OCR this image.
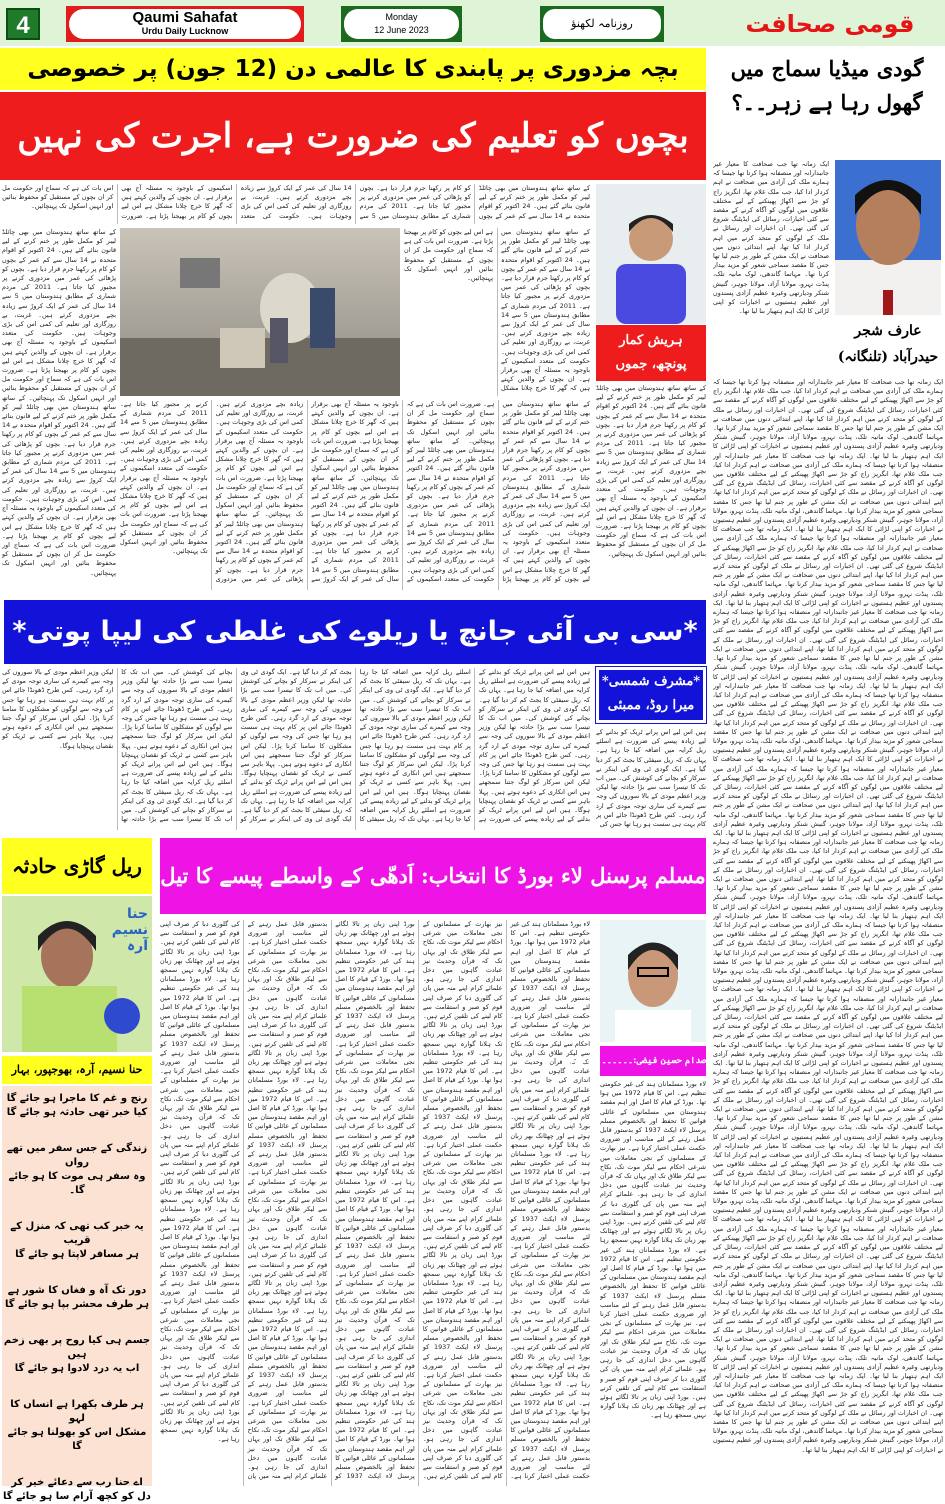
4	Qaumi Sahafat
Urdu Daily Lucknow
Monday
12 June 2023	روزنامہ لکھنؤ	قومی صحافت
بچہ مزدوری پر پابندی کا عالمی دن (12 جون) پر خصوصی
بچوں کو تعلیم کی ضرورت ہے، اجرت کی نہیں
کے ساتھ ساتھ ہندوستان میں بھی چائلڈ لیبر کو مکمل طور پر ختم کرنے کے لیے قانون بنائے گئے ہیں۔ 24 اکتوبر کو اقوام متحدہ نے 14 سال سے کم عمر کے بچوں کو کام پر رکھنا جرم قرار دیا ہے۔ بچوں کو پڑھائی کی عمر میں مزدوری کرنے پر مجبور کیا جاتا ہے۔ 2011 کی مردم شماری کے مطابق ہندوستان میں 5 سے 14 سال کی عمر کے ایک کروڑ سے زیادہ بچے مزدوری کرتے ہیں۔ غربت، بے روزگاری اور تعلیم کی کمی اس کی بڑی وجوہات ہیں۔ حکومت کی متعدد اسکیموں کے باوجود یہ مسئلہ آج بھی برقرار ہے۔ ان بچوں کے والدین کہتے ہیں کہ گھر کا خرچ چلانا مشکل ہے اس لیے بچوں کو کام پر بھیجنا پڑتا ہے۔ ضرورت اس بات کی ہے کہ سماج اور حکومت مل کر ان بچوں کے مستقبل کو محفوظ بنائیں اور انہیں اسکول تک پہنچائیں۔
کے ساتھ ساتھ ہندوستان میں بھی چائلڈ لیبر کو مکمل طور پر ختم کرنے کے لیے قانون بنائے گئے ہیں۔ 24 اکتوبر کو اقوام متحدہ نے 14 سال سے کم عمر کے بچوں کو کام پر رکھنا جرم قرار دیا ہے۔ بچوں کو پڑھائی کی عمر میں مزدوری کرنے پر مجبور کیا جاتا ہے۔ 2011 کی مردم شماری کے مطابق ہندوستان میں 5 سے 14 سال کی عمر کے ایک کروڑ سے زیادہ بچے مزدوری کرتے ہیں۔ غربت، بے روزگاری اور تعلیم کی کمی اس کی بڑی وجوہات ہیں۔ حکومت کی متعدد اسکیموں کے باوجود یہ مسئلہ آج بھی برقرار ہے۔ ان بچوں کے والدین کہتے ہیں کہ گھر کا خرچ چلانا مشکل ہے اس لیے بچوں کو کام پر بھیجنا پڑتا ہے۔ ضرورت اس بات کی ہے کہ سماج اور حکومت مل کر ان بچوں کے مستقبل کو محفوظ بنائیں اور انہیں اسکول تک پہنچائیں۔ کے ساتھ ساتھ ہندوستان میں بھی چائلڈ لیبر کو مکمل طور پر ختم کرنے کے لیے قانون بنائے گئے ہیں۔ 24 اکتوبر کو اقوام متحدہ نے 14 سال سے کم عمر کے بچوں کو کام پر رکھنا جرم قرار دیا ہے۔ بچوں کو پڑھائی کی عمر میں مزدوری کرنے پر مجبور کیا جاتا ہے۔ 2011 کی مردم شماری کے مطابق ہندوستان میں 5 سے 14 سال کی عمر کے ایک کروڑ سے زیادہ بچے مزدوری کرتے ہیں۔ غربت، بے روزگاری اور تعلیم کی کمی اس کی بڑی وجوہات ہیں۔ حکومت کی متعدد اسکیموں کے باوجود یہ مسئلہ آج بھی برقرار ہے۔ ان بچوں کے والدین کہتے ہیں کہ گھر کا خرچ چلانا مشکل ہے اس لیے بچوں کو کام پر بھیجنا پڑتا ہے۔ ضرورت اس بات کی ہے کہ سماج اور حکومت مل کر ان بچوں کے مستقبل کو محفوظ بنائیں اور انہیں اسکول تک پہنچائیں۔
کے ساتھ ساتھ ہندوستان میں بھی چائلڈ لیبر کو مکمل طور پر ختم کرنے کے لیے قانون بنائے گئے ہیں۔ 24 اکتوبر کو اقوام متحدہ نے 14 سال سے کم عمر کے بچوں کو کام پر رکھنا جرم قرار دیا ہے۔ بچوں کو پڑھائی کی عمر میں مزدوری کرنے پر مجبور کیا جاتا ہے۔ 2011 کی مردم شماری کے مطابق ہندوستان میں 5 سے 14 سال کی عمر کے ایک کروڑ سے زیادہ بچے مزدوری کرتے ہیں۔ غربت، بے روزگاری اور تعلیم کی کمی اس کی بڑی وجوہات ہیں۔ حکومت کی متعدد اسکیموں کے باوجود یہ مسئلہ آج بھی برقرار ہے۔ ان بچوں کے والدین کہتے ہیں کہ گھر کا خرچ چلانا مشکل ہے اس لیے بچوں کو کام پر بھیجنا پڑتا ہے۔ ضرورت اس بات کی ہے کہ سماج اور حکومت مل کر ان بچوں کے مستقبل کو محفوظ بنائیں اور انہیں اسکول تک پہنچائیں۔
کے ساتھ ساتھ ہندوستان میں بھی چائلڈ لیبر کو مکمل طور پر ختم کرنے کے لیے قانون بنائے گئے ہیں۔ 24 اکتوبر کو اقوام متحدہ نے 14 سال سے کم عمر کے بچوں کو کام پر رکھنا جرم قرار دیا ہے۔ بچوں کو پڑھائی کی عمر میں مزدوری کرنے پر مجبور کیا جاتا ہے۔ 2011 کی مردم شماری کے مطابق ہندوستان میں 5 سے 14 سال کی عمر کے ایک کروڑ سے زیادہ بچے مزدوری کرتے ہیں۔ غربت، بے روزگاری اور تعلیم کی کمی اس کی بڑی وجوہات ہیں۔ حکومت کی متعدد اسکیموں کے باوجود یہ مسئلہ آج بھی برقرار ہے۔ ان بچوں کے والدین کہتے ہیں کہ گھر کا خرچ چلانا مشکل ہے اس لیے بچوں کو کام پر بھیجنا پڑتا ہے۔ ضرورت اس بات کی ہے کہ سماج اور حکومت مل کر ان بچوں کے مستقبل کو محفوظ بنائیں اور انہیں اسکول تک پہنچائیں۔ کے ساتھ ساتھ ہندوستان میں بھی چائلڈ لیبر کو مکمل طور پر ختم کرنے کے لیے قانون بنائے گئے ہیں۔ 24 اکتوبر کو اقوام متحدہ نے 14 سال سے کم عمر کے بچوں کو کام پر رکھنا جرم قرار دیا ہے۔ بچوں کو پڑھائی کی عمر میں مزدوری کرنے پر مجبور کیا جاتا ہے۔ 2011 کی مردم شماری کے مطابق ہندوستان میں 5 سے 14 سال کی عمر کے ایک کروڑ سے زیادہ بچے مزدوری کرتے ہیں۔ غربت، بے روزگاری اور تعلیم کی کمی اس کی بڑی وجوہات ہیں۔ حکومت کی متعدد اسکیموں کے باوجود یہ مسئلہ آج بھی برقرار ہے۔ ان بچوں کے والدین کہتے ہیں کہ گھر کا خرچ چلانا مشکل ہے اس لیے بچوں کو کام پر بھیجنا پڑتا ہے۔ ضرورت اس بات کی ہے کہ سماج اور حکومت مل کر ان بچوں کے مستقبل کو محفوظ بنائیں اور انہیں اسکول تک پہنچائیں۔ کے ساتھ ساتھ ہندوستان میں بھی چائلڈ لیبر کو مکمل طور پر ختم کرنے کے لیے قانون بنائے گئے ہیں۔ 24 اکتوبر کو اقوام متحدہ نے 14 سال سے کم عمر کے بچوں کو کام پر رکھنا جرم قرار دیا ہے۔ بچوں کو پڑھائی کی عمر میں مزدوری کرنے پر مجبور کیا جاتا ہے۔ 2011 کی مردم شماری کے مطابق ہندوستان میں 5 سے 14 سال کی عمر کے ایک کروڑ سے زیادہ بچے مزدوری کرتے ہیں۔ غربت، بے روزگاری اور تعلیم کی کمی اس کی بڑی وجوہات ہیں۔ حکومت کی متعدد اسکیموں کے باوجود یہ مسئلہ آج بھی برقرار ہے۔ ان بچوں کے والدین کہتے ہیں کہ گھر کا خرچ چلانا مشکل ہے اس لیے بچوں کو کام پر بھیجنا پڑتا ہے۔ ضرورت اس بات کی ہے کہ سماج اور حکومت مل کر ان بچوں کے مستقبل کو محفوظ بنائیں اور انہیں اسکول تک پہنچائیں۔ کے ساتھ ساتھ ہندوستان میں بھی چائلڈ لیبر کو مکمل طور پر ختم کرنے کے لیے قانون بنائے گئے ہیں۔ 24 اکتوبر کو اقوام متحدہ نے 14 سال سے کم عمر کے بچوں کو کام پر رکھنا جرم قرار دیا ہے۔ بچوں کو پڑھائی کی عمر میں مزدوری کرنے پر مجبور کیا جاتا ہے۔ 2011 کی مردم شماری کے مطابق ہندوستان میں 5 سے 14 سال کی عمر کے ایک کروڑ سے زیادہ بچے مزدوری کرتے ہیں۔ غربت، بے روزگاری اور تعلیم کی کمی اس کی بڑی وجوہات ہیں۔ حکومت کی متعدد اسکیموں کے باوجود یہ مسئلہ آج بھی برقرار ہے۔ ان بچوں کے والدین کہتے ہیں کہ گھر کا خرچ چلانا مشکل ہے اس لیے بچوں کو کام پر بھیجنا پڑتا ہے۔ ضرورت اس بات کی ہے کہ سماج اور حکومت مل کر ان بچوں کے مستقبل کو محفوظ بنائیں اور انہیں اسکول تک پہنچائیں۔
ہریش کمار
پونچھ، جموں
کے ساتھ ساتھ ہندوستان میں بھی چائلڈ لیبر کو مکمل طور پر ختم کرنے کے لیے قانون بنائے گئے ہیں۔ 24 اکتوبر کو اقوام متحدہ نے 14 سال سے کم عمر کے بچوں کو کام پر رکھنا جرم قرار دیا ہے۔ بچوں کو پڑھائی کی عمر میں مزدوری کرنے پر مجبور کیا جاتا ہے۔ 2011 کی مردم شماری کے مطابق ہندوستان میں 5 سے 14 سال کی عمر کے ایک کروڑ سے زیادہ بچے مزدوری کرتے ہیں۔ غربت، بے روزگاری اور تعلیم کی کمی اس کی بڑی وجوہات ہیں۔ حکومت کی متعدد اسکیموں کے باوجود یہ مسئلہ آج بھی برقرار ہے۔ ان بچوں کے والدین کہتے ہیں کہ گھر کا خرچ چلانا مشکل ہے اس لیے بچوں کو کام پر بھیجنا پڑتا ہے۔ ضرورت اس بات کی ہے کہ سماج اور حکومت مل کر ان بچوں کے مستقبل کو محفوظ بنائیں اور انہیں اسکول تک پہنچائیں۔
گودی میڈیا سماج میں گھول رہا ہے زہر۔۔؟
ایک زمانہ تھا جب صحافت کا معیار غیر جانبدارانہ اور منصفانہ ہوا کرتا تھا جیسا کہ ہمارے ملک کی آزادی میں صحافت نے اہم کردار ادا کیا، جب ملک غلام تھا، انگریز راج کو جڑ سے اکھاڑ پھینکنے کے لیے مختلف علاقوں میں لوگوں کو آگاہ کرنے کے مقصد سے کئی اخبارات، رسائل کی ایڈیٹنگ شروع کی گئی تھی۔ ان اخبارات اور رسائل نے ملک کے لوگوں کو متحد کرنے میں اہم کردار ادا کیا تھا، اپنے ابتدائی دنوں میں صحافت نے ایک مشن کے طور پر جنم لیا تھا جس کا مقصد سماجی شعور کو مزید بیدار کرنا تھا۔ مہاتما گاندھی، لوک مانیہ تلک، پنڈت نہرو، مولانا آزاد، مولانا جوہر، گنیش شنکر ودیارتھی وغیرہ عظیم آزادی پسندوں اور عظیم ہستیوں نے اخبارات کو اپنی لڑائی کا ایک اہم ہتھیار بنا لیا تھا۔
عارف شجر
حیدرآباد (تلنگانہ)
ایک زمانہ تھا جب صحافت کا معیار غیر جانبدارانہ اور منصفانہ ہوا کرتا تھا جیسا کہ ہمارے ملک کی آزادی میں صحافت نے اہم کردار ادا کیا، جب ملک غلام تھا، انگریز راج کو جڑ سے اکھاڑ پھینکنے کے لیے مختلف علاقوں میں لوگوں کو آگاہ کرنے کے مقصد سے کئی اخبارات، رسائل کی ایڈیٹنگ شروع کی گئی تھی۔ ان اخبارات اور رسائل نے ملک کے لوگوں کو متحد کرنے میں اہم کردار ادا کیا تھا، اپنے ابتدائی دنوں میں صحافت نے ایک مشن کے طور پر جنم لیا تھا جس کا مقصد سماجی شعور کو مزید بیدار کرنا تھا۔ مہاتما گاندھی، لوک مانیہ تلک، پنڈت نہرو، مولانا آزاد، مولانا جوہر، گنیش شنکر ودیارتھی وغیرہ عظیم آزادی پسندوں اور عظیم ہستیوں نے اخبارات کو اپنی لڑائی کا ایک اہم ہتھیار بنا لیا تھا۔ ایک زمانہ تھا جب صحافت کا معیار غیر جانبدارانہ اور منصفانہ ہوا کرتا تھا جیسا کہ ہمارے ملک کی آزادی میں صحافت نے اہم کردار ادا کیا، جب ملک غلام تھا، انگریز راج کو جڑ سے اکھاڑ پھینکنے کے لیے مختلف علاقوں میں لوگوں کو آگاہ کرنے کے مقصد سے کئی اخبارات، رسائل کی ایڈیٹنگ شروع کی گئی تھی۔ ان اخبارات اور رسائل نے ملک کے لوگوں کو متحد کرنے میں اہم کردار ادا کیا تھا، اپنے ابتدائی دنوں میں صحافت نے ایک مشن کے طور پر جنم لیا تھا جس کا مقصد سماجی شعور کو مزید بیدار کرنا تھا۔ مہاتما گاندھی، لوک مانیہ تلک، پنڈت نہرو، مولانا آزاد، مولانا جوہر، گنیش شنکر ودیارتھی وغیرہ عظیم آزادی پسندوں اور عظیم ہستیوں نے اخبارات کو اپنی لڑائی کا ایک اہم ہتھیار بنا لیا تھا۔ ایک زمانہ تھا جب صحافت کا معیار غیر جانبدارانہ اور منصفانہ ہوا کرتا تھا جیسا کہ ہمارے ملک کی آزادی میں صحافت نے اہم کردار ادا کیا، جب ملک غلام تھا، انگریز راج کو جڑ سے اکھاڑ پھینکنے کے لیے مختلف علاقوں میں لوگوں کو آگاہ کرنے کے مقصد سے کئی اخبارات، رسائل کی ایڈیٹنگ شروع کی گئی تھی۔ ان اخبارات اور رسائل نے ملک کے لوگوں کو متحد کرنے میں اہم کردار ادا کیا تھا، اپنے ابتدائی دنوں میں صحافت نے ایک مشن کے طور پر جنم لیا تھا جس کا مقصد سماجی شعور کو مزید بیدار کرنا تھا۔ مہاتما گاندھی، لوک مانیہ تلک، پنڈت نہرو، مولانا آزاد، مولانا جوہر، گنیش شنکر ودیارتھی وغیرہ عظیم آزادی پسندوں اور عظیم ہستیوں نے اخبارات کو اپنی لڑائی کا ایک اہم ہتھیار بنا لیا تھا۔ ایک زمانہ تھا جب صحافت کا معیار غیر جانبدارانہ اور منصفانہ ہوا کرتا تھا جیسا کہ ہمارے ملک کی آزادی میں صحافت نے اہم کردار ادا کیا، جب ملک غلام تھا، انگریز راج کو جڑ سے اکھاڑ پھینکنے کے لیے مختلف علاقوں میں لوگوں کو آگاہ کرنے کے مقصد سے کئی اخبارات، رسائل کی ایڈیٹنگ شروع کی گئی تھی۔ ان اخبارات اور رسائل نے ملک کے لوگوں کو متحد کرنے میں اہم کردار ادا کیا تھا، اپنے ابتدائی دنوں میں صحافت نے ایک مشن کے طور پر جنم لیا تھا جس کا مقصد سماجی شعور کو مزید بیدار کرنا تھا۔ مہاتما گاندھی، لوک مانیہ تلک، پنڈت نہرو، مولانا آزاد، مولانا جوہر، گنیش شنکر ودیارتھی وغیرہ عظیم آزادی پسندوں اور عظیم ہستیوں نے اخبارات کو اپنی لڑائی کا ایک اہم ہتھیار بنا لیا تھا۔ ایک زمانہ تھا جب صحافت کا معیار غیر جانبدارانہ اور منصفانہ ہوا کرتا تھا جیسا کہ ہمارے ملک کی آزادی میں صحافت نے اہم کردار ادا کیا، جب ملک غلام تھا، انگریز راج کو جڑ سے اکھاڑ پھینکنے کے لیے مختلف علاقوں میں لوگوں کو آگاہ کرنے کے مقصد سے کئی اخبارات، رسائل کی ایڈیٹنگ شروع کی گئی تھی۔ ان اخبارات اور رسائل نے ملک کے لوگوں کو متحد کرنے میں اہم کردار ادا کیا تھا، اپنے ابتدائی دنوں میں صحافت نے ایک مشن کے طور پر جنم لیا تھا جس کا مقصد سماجی شعور کو مزید بیدار کرنا تھا۔ مہاتما گاندھی، لوک مانیہ تلک، پنڈت نہرو، مولانا آزاد، مولانا جوہر، گنیش شنکر ودیارتھی وغیرہ عظیم آزادی پسندوں اور عظیم ہستیوں نے اخبارات کو اپنی لڑائی کا ایک اہم ہتھیار بنا لیا تھا۔ ایک زمانہ تھا جب صحافت کا معیار غیر جانبدارانہ اور منصفانہ ہوا کرتا تھا جیسا کہ ہمارے ملک کی آزادی میں صحافت نے اہم کردار ادا کیا، جب ملک غلام تھا، انگریز راج کو جڑ سے اکھاڑ پھینکنے کے لیے مختلف علاقوں میں لوگوں کو آگاہ کرنے کے مقصد سے کئی اخبارات، رسائل کی ایڈیٹنگ شروع کی گئی تھی۔ ان اخبارات اور رسائل نے ملک کے لوگوں کو متحد کرنے میں اہم کردار ادا کیا تھا، اپنے ابتدائی دنوں میں صحافت نے ایک مشن کے طور پر جنم لیا تھا جس کا مقصد سماجی شعور کو مزید بیدار کرنا تھا۔ مہاتما گاندھی، لوک مانیہ تلک، پنڈت نہرو، مولانا آزاد، مولانا جوہر، گنیش شنکر ودیارتھی وغیرہ عظیم آزادی پسندوں اور عظیم ہستیوں نے اخبارات کو اپنی لڑائی کا ایک اہم ہتھیار بنا لیا تھا۔ ایک زمانہ تھا جب صحافت کا معیار غیر جانبدارانہ اور منصفانہ ہوا کرتا تھا جیسا کہ ہمارے ملک کی آزادی میں صحافت نے اہم کردار ادا کیا، جب ملک غلام تھا، انگریز راج کو جڑ سے اکھاڑ پھینکنے کے لیے مختلف علاقوں میں لوگوں کو آگاہ کرنے کے مقصد سے کئی اخبارات، رسائل کی ایڈیٹنگ شروع کی گئی تھی۔ ان اخبارات اور رسائل نے ملک کے لوگوں کو متحد کرنے میں اہم کردار ادا کیا تھا، اپنے ابتدائی دنوں میں صحافت نے ایک مشن کے طور پر جنم لیا تھا جس کا مقصد سماجی شعور کو مزید بیدار کرنا تھا۔ مہاتما گاندھی، لوک مانیہ تلک، پنڈت نہرو، مولانا آزاد، مولانا جوہر، گنیش شنکر ودیارتھی وغیرہ عظیم آزادی پسندوں اور عظیم ہستیوں نے اخبارات کو اپنی لڑائی کا ایک اہم ہتھیار بنا لیا تھا۔ ایک زمانہ تھا جب صحافت کا معیار غیر جانبدارانہ اور منصفانہ ہوا کرتا تھا جیسا کہ ہمارے ملک کی آزادی میں صحافت نے اہم کردار ادا کیا، جب ملک غلام تھا، انگریز راج کو جڑ سے اکھاڑ پھینکنے کے لیے مختلف علاقوں میں لوگوں کو آگاہ کرنے کے مقصد سے کئی اخبارات، رسائل کی ایڈیٹنگ شروع کی گئی تھی۔ ان اخبارات اور رسائل نے ملک کے لوگوں کو متحد کرنے میں اہم کردار ادا کیا تھا، اپنے ابتدائی دنوں میں صحافت نے ایک مشن کے طور پر جنم لیا تھا جس کا مقصد سماجی شعور کو مزید بیدار کرنا تھا۔ مہاتما گاندھی، لوک مانیہ تلک، پنڈت نہرو، مولانا آزاد، مولانا جوہر، گنیش شنکر ودیارتھی وغیرہ عظیم آزادی پسندوں اور عظیم ہستیوں نے اخبارات کو اپنی لڑائی کا ایک اہم ہتھیار بنا لیا تھا۔ ایک زمانہ تھا جب صحافت کا معیار غیر جانبدارانہ اور منصفانہ ہوا کرتا تھا جیسا کہ ہمارے ملک کی آزادی میں صحافت نے اہم کردار ادا کیا، جب ملک غلام تھا، انگریز راج کو جڑ سے اکھاڑ پھینکنے کے لیے مختلف علاقوں میں لوگوں کو آگاہ کرنے کے مقصد سے کئی اخبارات، رسائل کی ایڈیٹنگ شروع کی گئی تھی۔ ان اخبارات اور رسائل نے ملک کے لوگوں کو متحد کرنے میں اہم کردار ادا کیا تھا، اپنے ابتدائی دنوں میں صحافت نے ایک مشن کے طور پر جنم لیا تھا جس کا مقصد سماجی شعور کو مزید بیدار کرنا تھا۔ مہاتما گاندھی، لوک مانیہ تلک، پنڈت نہرو، مولانا آزاد، مولانا جوہر، گنیش شنکر ودیارتھی وغیرہ عظیم آزادی پسندوں اور عظیم ہستیوں نے اخبارات کو اپنی لڑائی کا ایک اہم ہتھیار بنا لیا تھا۔ ایک زمانہ تھا جب صحافت کا معیار غیر جانبدارانہ اور منصفانہ ہوا کرتا تھا جیسا کہ ہمارے ملک کی آزادی میں صحافت نے اہم کردار ادا کیا، جب ملک غلام تھا، انگریز راج کو جڑ سے اکھاڑ پھینکنے کے لیے مختلف علاقوں میں لوگوں کو آگاہ کرنے کے مقصد سے کئی اخبارات، رسائل کی ایڈیٹنگ شروع کی گئی تھی۔ ان اخبارات اور رسائل نے ملک کے لوگوں کو متحد کرنے میں اہم کردار ادا کیا تھا، اپنے ابتدائی دنوں میں صحافت نے ایک مشن کے طور پر جنم لیا تھا جس کا مقصد سماجی شعور کو مزید بیدار کرنا تھا۔ مہاتما گاندھی، لوک مانیہ تلک، پنڈت نہرو، مولانا آزاد، مولانا جوہر، گنیش شنکر ودیارتھی وغیرہ عظیم آزادی پسندوں اور عظیم ہستیوں نے اخبارات کو اپنی لڑائی کا ایک اہم ہتھیار بنا لیا تھا۔ ایک زمانہ تھا جب صحافت کا معیار غیر جانبدارانہ اور منصفانہ ہوا کرتا تھا جیسا کہ ہمارے ملک کی آزادی میں صحافت نے اہم کردار ادا کیا، جب ملک غلام تھا، انگریز راج کو جڑ سے اکھاڑ پھینکنے کے لیے مختلف علاقوں میں لوگوں کو آگاہ کرنے کے مقصد سے کئی اخبارات، رسائل کی ایڈیٹنگ شروع کی گئی تھی۔ ان اخبارات اور رسائل نے ملک کے لوگوں کو متحد کرنے میں اہم کردار ادا کیا تھا، اپنے ابتدائی دنوں میں صحافت نے ایک مشن کے طور پر جنم لیا تھا جس کا مقصد سماجی شعور کو مزید بیدار کرنا تھا۔ مہاتما گاندھی، لوک مانیہ تلک، پنڈت نہرو، مولانا آزاد، مولانا جوہر، گنیش شنکر ودیارتھی وغیرہ عظیم آزادی پسندوں اور عظیم ہستیوں نے اخبارات کو اپنی لڑائی کا ایک اہم ہتھیار بنا لیا تھا۔ ایک زمانہ تھا جب صحافت کا معیار غیر جانبدارانہ اور منصفانہ ہوا کرتا تھا جیسا کہ ہمارے ملک کی آزادی میں صحافت نے اہم کردار ادا کیا، جب ملک غلام تھا، انگریز راج کو جڑ سے اکھاڑ پھینکنے کے لیے مختلف علاقوں میں لوگوں کو آگاہ کرنے کے مقصد سے کئی اخبارات، رسائل کی ایڈیٹنگ شروع کی گئی تھی۔ ان اخبارات اور رسائل نے ملک کے لوگوں کو متحد کرنے میں اہم کردار ادا کیا تھا، اپنے ابتدائی دنوں میں صحافت نے ایک مشن کے طور پر جنم لیا تھا جس کا مقصد سماجی شعور کو مزید بیدار کرنا تھا۔ مہاتما گاندھی، لوک مانیہ تلک، پنڈت نہرو، مولانا آزاد، مولانا جوہر، گنیش شنکر ودیارتھی وغیرہ عظیم آزادی پسندوں اور عظیم ہستیوں نے اخبارات کو اپنی لڑائی کا ایک اہم ہتھیار بنا لیا تھا۔ ایک زمانہ تھا جب صحافت کا معیار غیر جانبدارانہ اور منصفانہ ہوا کرتا تھا جیسا کہ ہمارے ملک کی آزادی میں صحافت نے اہم کردار ادا کیا، جب ملک غلام تھا، انگریز راج کو جڑ سے اکھاڑ پھینکنے کے لیے مختلف علاقوں میں لوگوں کو آگاہ کرنے کے مقصد سے کئی اخبارات، رسائل کی ایڈیٹنگ شروع کی گئی تھی۔ ان اخبارات اور رسائل نے ملک کے لوگوں کو متحد کرنے میں اہم کردار ادا کیا تھا، اپنے ابتدائی دنوں میں صحافت نے ایک مشن کے طور پر جنم لیا تھا جس کا مقصد سماجی شعور کو مزید بیدار کرنا تھا۔ مہاتما گاندھی، لوک مانیہ تلک، پنڈت نہرو، مولانا آزاد، مولانا جوہر، گنیش شنکر ودیارتھی وغیرہ عظیم آزادی پسندوں اور عظیم ہستیوں نے اخبارات کو اپنی لڑائی کا ایک اہم ہتھیار بنا لیا تھا۔ ایک زمانہ تھا جب صحافت کا معیار غیر جانبدارانہ اور منصفانہ ہوا کرتا تھا جیسا کہ ہمارے ملک کی آزادی میں صحافت نے اہم کردار ادا کیا، جب ملک غلام تھا، انگریز راج کو جڑ سے اکھاڑ پھینکنے کے لیے مختلف علاقوں میں لوگوں کو آگاہ کرنے کے مقصد سے کئی اخبارات، رسائل کی ایڈیٹنگ شروع کی گئی تھی۔ ان اخبارات اور رسائل نے ملک کے لوگوں کو متحد کرنے میں اہم کردار ادا کیا تھا، اپنے ابتدائی دنوں میں صحافت نے ایک مشن کے طور پر جنم لیا تھا جس کا مقصد سماجی شعور کو مزید بیدار کرنا تھا۔ مہاتما گاندھی، لوک مانیہ تلک، پنڈت نہرو، مولانا آزاد، مولانا جوہر، گنیش شنکر ودیارتھی وغیرہ عظیم آزادی پسندوں اور عظیم ہستیوں نے اخبارات کو اپنی لڑائی کا ایک اہم ہتھیار بنا لیا تھا۔
*سی بی آئی جانچ یا ریلوے کی غلطی کی لیپا پوتی*
ہیں اس لیے اس پرانے ٹریک کو بدلنے کے لیے زیادہ پیسے کی ضرورت ہے اسلئے ریل کرایہ میں اضافہ کیا جا رہا ہے۔ یہاں تک کہ ریل سیفٹی کا بجٹ کم کر دیا گیا ہے۔ ایک گودی ٹی وی کی اینکر نے سرکار کو بچانے کی کوشش کی۔ میں اب تک کا تیسرا سب سے بڑا حادثہ تھا لیکن وزیر اعظم مودی کے بالا سوروں کی وجہ سے کیمرے کی ساری توجہ مودی کے ارد گرد رہی۔ کس طرح ڈھونڈا جائے اس پر کام بہت ہی سست ہو رہا تھا جس کی وجہ سے لوگوں کو مشکلوں کا سامنا کرنا پڑا۔ لیکن اس سرکار کو لوگ جتنا سمجھتے ہیں اس انکاری کے دعوے ہوتے ہیں۔ پہلا باہر سے کسی نے ٹریک کو نقصان پہنچایا ہوگا۔ ہیں اس لیے اس پرانے ٹریک کو بدلنے کے لیے زیادہ پیسے کی ضرورت ہے اسلئے ریل کرایہ میں اضافہ کیا جا رہا ہے۔ یہاں تک کہ ریل سیفٹی کا بجٹ کم کر دیا گیا ہے۔ ایک گودی ٹی وی کی اینکر نے سرکار کو بچانے کی کوشش کی۔ میں اب تک کا تیسرا سب سے بڑا حادثہ تھا لیکن وزیر اعظم مودی کے بالا سوروں کی وجہ سے کیمرے کی ساری توجہ مودی کے ارد گرد رہی۔ کس طرح ڈھونڈا جائے اس پر کام بہت ہی سست ہو رہا تھا جس کی وجہ سے لوگوں کو مشکلوں کا سامنا کرنا پڑا۔ لیکن اس سرکار کو لوگ جتنا سمجھتے ہیں اس انکاری کے دعوے ہوتے ہیں۔ پہلا باہر سے کسی نے ٹریک کو نقصان پہنچایا ہوگا۔ ہیں اس لیے اس پرانے ٹریک کو بدلنے کے لیے زیادہ پیسے کی ضرورت ہے اسلئے ریل کرایہ میں اضافہ کیا جا رہا ہے۔ یہاں تک کہ ریل سیفٹی کا بجٹ کم کر دیا گیا ہے۔ ایک گودی ٹی وی کی اینکر نے سرکار کو بچانے کی کوشش کی۔ میں اب تک کا تیسرا سب سے بڑا حادثہ تھا لیکن وزیر اعظم مودی کے بالا سوروں کی وجہ سے کیمرے کی ساری توجہ مودی کے ارد گرد رہی۔ کس طرح ڈھونڈا جائے اس پر کام بہت ہی سست ہو رہا تھا جس کی وجہ سے لوگوں کو مشکلوں کا سامنا کرنا پڑا۔ لیکن اس سرکار کو لوگ جتنا سمجھتے ہیں اس انکاری کے دعوے ہوتے ہیں۔ پہلا باہر سے کسی نے ٹریک کو نقصان پہنچایا ہوگا۔ ہیں اس لیے اس پرانے ٹریک کو بدلنے کے لیے زیادہ پیسے کی ضرورت ہے اسلئے ریل کرایہ میں اضافہ کیا جا رہا ہے۔ یہاں تک کہ ریل سیفٹی کا بجٹ کم کر دیا گیا ہے۔ ایک گودی ٹی وی کی اینکر نے سرکار کو بچانے کی کوشش کی۔ میں اب تک کا تیسرا سب سے بڑا حادثہ تھا لیکن وزیر اعظم مودی کے بالا سوروں کی وجہ سے کیمرے کی ساری توجہ مودی کے ارد گرد رہی۔ کس طرح ڈھونڈا جائے اس پر کام بہت ہی سست ہو رہا تھا جس کی وجہ سے لوگوں کو مشکلوں کا سامنا کرنا پڑا۔ لیکن اس سرکار کو لوگ جتنا سمجھتے ہیں اس انکاری کے دعوے ہوتے ہیں۔ پہلا باہر سے کسی نے ٹریک کو نقصان پہنچایا ہوگا۔ ہیں اس لیے اس پرانے ٹریک کو بدلنے کے لیے زیادہ پیسے کی ضرورت ہے اسلئے ریل کرایہ میں اضافہ کیا جا رہا ہے۔ یہاں تک کہ ریل سیفٹی کا بجٹ کم کر دیا گیا ہے۔ ایک گودی ٹی وی کی اینکر نے سرکار کو بچانے کی کوشش کی۔ میں اب تک کا تیسرا سب سے بڑا حادثہ تھا لیکن وزیر اعظم مودی کے بالا سوروں کی وجہ سے کیمرے کی ساری توجہ مودی کے ارد گرد رہی۔ کس طرح ڈھونڈا جائے اس پر کام بہت ہی سست ہو رہا تھا جس کی وجہ سے لوگوں کو مشکلوں کا سامنا کرنا پڑا۔ لیکن اس سرکار کو لوگ جتنا سمجھتے ہیں اس انکاری کے دعوے ہوتے ہیں۔ پہلا باہر سے کسی نے ٹریک کو نقصان پہنچایا ہوگا۔
*مشرف شمسی*
میرا روڈ، ممبئی
ہیں اس لیے اس پرانے ٹریک کو بدلنے کے لیے زیادہ پیسے کی ضرورت ہے اسلئے ریل کرایہ میں اضافہ کیا جا رہا ہے۔ یہاں تک کہ ریل سیفٹی کا بجٹ کم کر دیا گیا ہے۔ ایک گودی ٹی وی کی اینکر نے سرکار کو بچانے کی کوشش کی۔ میں اب تک کا تیسرا سب سے بڑا حادثہ تھا لیکن وزیر اعظم مودی کے بالا سوروں کی وجہ سے کیمرے کی ساری توجہ مودی کے ارد گرد رہی۔ کس طرح ڈھونڈا جائے اس پر کام بہت ہی سست ہو رہا تھا جس کی
ریل گاڑی حادثہ
حنا نسیم آرہ
حنا نسیم، آرہ، بھوجپور، بہار
رنج و غم کا ماجرا ہو جائے گا
کیا خبر تھی حادثہ ہو جائے گا
زندگی کے جس سفر میں تھے رواں
وہ سفر ہی موت کا ہو جائے گا۔
یہ خبر کب تھی کہ منزل کے قریب
ہر مسافر لاپتا ہو جائے گا
دور تک آہ و فغاں کا شور ہے
ہر طرف محشر بپا ہو جائے گا
جسم ہی کیا روح پر بھی زخم ہیں
اب یہ درد لادوا ہو جائے گا
ہر طرف بکھرا ہے انساں کا لہو
مشکل اس کو بھولنا ہو جائے گا
اے حنا رب سے دعائے خیر کر
دل کو کچھ آرام سا ہو جائے گا
مسلم پرسنل لاء بورڈ کا انتخاب: اَدھّی کے واسطے پیسے کا تیل
لاء بورڈ مسلمانان ہند کی غیر حکومتی تنظیم ہے۔ اس کا قیام 1972 میں ہوا تھا۔ بورڈ کے قیام کا اصل اور اہم مقصد ہندوستان میں مسلمانوں کے عائلی قوانین کا تحفظ اور بالخصوص مسلم پرسنل لاء ایکٹ 1937 کو بدستور قابل عمل رہنے کے لئے مناسب اور ضروری حکمت عملی اختیار کرنا ہے۔ نیز بھارت کے مسلمانوں کے نجی معاملات میں شرعی احکام سے لیکر موت تک، نکاح سے لیکر طلاق تک اور یہاں تک کہ قرآن وحدیث نیز عبادت گاہوں میں دخل اندازی کی جا رہی ہو۔ علمائے کرام اپنے منہ میں پان کی گلوری دبا کر صرف اپنی قوم کو صبر و استقامت سے کام لینے کی تلقین کرتے ہیں۔ بورڈ اپنی زبان پر تالا لگائے ہوئے ہے اور چھٹانک بھر زبان تک ہلانا گوارہ نہیں سمجھ رہا ہے۔ لاء بورڈ مسلمانان ہند کی غیر حکومتی تنظیم ہے۔ اس کا قیام 1972 میں ہوا تھا۔ بورڈ کے قیام کا اصل اور اہم مقصد ہندوستان میں مسلمانوں کے عائلی قوانین کا تحفظ اور بالخصوص مسلم پرسنل لاء ایکٹ 1937 کو بدستور قابل عمل رہنے کے لئے مناسب اور ضروری حکمت عملی اختیار کرنا ہے۔ نیز بھارت کے مسلمانوں کے نجی معاملات میں شرعی احکام سے لیکر موت تک، نکاح سے لیکر طلاق تک اور یہاں تک کہ قرآن وحدیث نیز عبادت گاہوں میں دخل اندازی کی جا رہی ہو۔ علمائے کرام اپنے منہ میں پان کی گلوری دبا کر صرف اپنی قوم کو صبر و استقامت سے کام لینے کی تلقین کرتے ہیں۔ بورڈ اپنی زبان پر تالا لگائے ہوئے ہے اور چھٹانک بھر زبان تک ہلانا گوارہ نہیں سمجھ رہا ہے۔ لاء بورڈ مسلمانان ہند کی غیر حکومتی تنظیم ہے۔ اس کا قیام 1972 میں ہوا تھا۔ بورڈ کے قیام کا اصل اور اہم مقصد ہندوستان میں مسلمانوں کے عائلی قوانین کا تحفظ اور بالخصوص مسلم پرسنل لاء ایکٹ 1937 کو بدستور قابل عمل رہنے کے لئے مناسب اور ضروری حکمت عملی اختیار کرنا ہے۔ نیز بھارت کے مسلمانوں کے نجی معاملات میں شرعی احکام سے لیکر موت تک، نکاح سے لیکر طلاق تک اور یہاں تک کہ قرآن وحدیث نیز عبادت گاہوں میں دخل اندازی کی جا رہی ہو۔ علمائے کرام اپنے منہ میں پان کی گلوری دبا کر صرف اپنی قوم کو صبر و استقامت سے کام لینے کی تلقین کرتے ہیں۔ بورڈ اپنی زبان پر تالا لگائے ہوئے ہے اور چھٹانک بھر زبان تک ہلانا گوارہ نہیں سمجھ رہا ہے۔ لاء بورڈ مسلمانان ہند کی غیر حکومتی تنظیم ہے۔ اس کا قیام 1972 میں ہوا تھا۔ بورڈ کے قیام کا اصل اور اہم مقصد ہندوستان میں مسلمانوں کے عائلی قوانین کا تحفظ اور بالخصوص مسلم پرسنل لاء ایکٹ 1937 کو بدستور قابل عمل رہنے کے لئے مناسب اور ضروری حکمت عملی اختیار کرنا ہے۔ نیز بھارت کے مسلمانوں کے نجی معاملات میں شرعی احکام سے لیکر موت تک، نکاح سے لیکر طلاق تک اور یہاں تک کہ قرآن وحدیث نیز عبادت گاہوں میں دخل اندازی کی جا رہی ہو۔ علمائے کرام اپنے منہ میں پان کی گلوری دبا کر صرف اپنی قوم کو صبر و استقامت سے کام لینے کی تلقین کرتے ہیں۔ بورڈ اپنی زبان پر تالا لگائے ہوئے ہے اور چھٹانک بھر زبان تک ہلانا گوارہ نہیں سمجھ رہا ہے۔ لاء بورڈ مسلمانان ہند کی غیر حکومتی تنظیم ہے۔ اس کا قیام 1972 میں ہوا تھا۔ بورڈ کے قیام کا اصل اور اہم مقصد ہندوستان میں مسلمانوں کے عائلی قوانین کا تحفظ اور بالخصوص مسلم پرسنل لاء ایکٹ 1937 کو بدستور قابل عمل رہنے کے لئے مناسب اور ضروری حکمت عملی اختیار کرنا ہے۔ نیز بھارت کے مسلمانوں کے نجی معاملات میں شرعی احکام سے لیکر موت تک، نکاح سے لیکر طلاق تک اور یہاں تک کہ قرآن وحدیث نیز عبادت گاہوں میں دخل اندازی کی جا رہی ہو۔ علمائے کرام اپنے منہ میں پان کی گلوری دبا کر صرف اپنی قوم کو صبر و استقامت سے کام لینے کی تلقین کرتے ہیں۔ بورڈ اپنی زبان پر تالا لگائے ہوئے ہے اور چھٹانک بھر زبان تک ہلانا گوارہ نہیں سمجھ رہا ہے۔ لاء بورڈ مسلمانان ہند کی غیر حکومتی تنظیم ہے۔ اس کا قیام 1972 میں ہوا تھا۔ بورڈ کے قیام کا اصل اور اہم مقصد ہندوستان میں مسلمانوں کے عائلی قوانین کا تحفظ اور بالخصوص مسلم پرسنل لاء ایکٹ 1937 کو بدستور قابل عمل رہنے کے لئے مناسب اور ضروری حکمت عملی اختیار کرنا ہے۔ نیز بھارت کے مسلمانوں کے نجی معاملات میں شرعی احکام سے لیکر موت تک، نکاح سے لیکر طلاق تک اور یہاں تک کہ قرآن وحدیث نیز عبادت گاہوں میں دخل اندازی کی جا رہی ہو۔ علمائے کرام اپنے منہ میں پان کی گلوری دبا کر صرف اپنی قوم کو صبر و استقامت سے کام لینے کی تلقین کرتے ہیں۔ بورڈ اپنی زبان پر تالا لگائے ہوئے ہے اور چھٹانک بھر زبان تک ہلانا گوارہ نہیں سمجھ رہا ہے۔ لاء بورڈ مسلمانان ہند کی غیر حکومتی تنظیم ہے۔ اس کا قیام 1972 میں ہوا تھا۔ بورڈ کے قیام کا اصل اور اہم مقصد ہندوستان میں مسلمانوں کے عائلی قوانین کا تحفظ اور بالخصوص مسلم پرسنل لاء ایکٹ 1937 کو بدستور قابل عمل رہنے کے لئے مناسب اور ضروری حکمت عملی اختیار کرنا ہے۔ نیز بھارت کے مسلمانوں کے نجی معاملات میں شرعی احکام سے لیکر موت تک، نکاح سے لیکر طلاق تک اور یہاں تک کہ قرآن وحدیث نیز عبادت گاہوں میں دخل اندازی کی جا رہی ہو۔ علمائے کرام اپنے منہ میں پان کی گلوری دبا کر صرف اپنی قوم کو صبر و استقامت سے کام لینے کی تلقین کرتے ہیں۔ بورڈ اپنی زبان پر تالا لگائے ہوئے ہے اور چھٹانک بھر زبان تک ہلانا گوارہ نہیں سمجھ رہا ہے۔ لاء بورڈ مسلمانان ہند کی غیر حکومتی تنظیم ہے۔ اس کا قیام 1972 میں ہوا تھا۔ بورڈ کے قیام کا اصل اور اہم مقصد ہندوستان میں مسلمانوں کے عائلی قوانین کا تحفظ اور بالخصوص مسلم پرسنل لاء ایکٹ 1937 کو بدستور قابل عمل رہنے کے لئے مناسب اور ضروری حکمت عملی اختیار کرنا ہے۔ نیز بھارت کے مسلمانوں کے نجی معاملات میں شرعی احکام سے لیکر موت تک، نکاح سے لیکر طلاق تک اور یہاں تک کہ قرآن وحدیث نیز عبادت گاہوں میں دخل اندازی کی جا رہی ہو۔ علمائے کرام اپنے منہ میں پان کی گلوری دبا کر صرف اپنی قوم کو صبر و استقامت سے کام لینے کی تلقین کرتے ہیں۔ بورڈ اپنی زبان پر تالا لگائے ہوئے ہے اور چھٹانک بھر زبان تک ہلانا گوارہ نہیں سمجھ رہا ہے۔ لاء بورڈ مسلمانان ہند کی غیر حکومتی تنظیم ہے۔ اس کا قیام 1972 میں ہوا تھا۔ بورڈ کے قیام کا اصل اور اہم مقصد ہندوستان میں مسلمانوں کے عائلی قوانین کا تحفظ اور بالخصوص مسلم پرسنل لاء ایکٹ 1937 کو بدستور قابل عمل رہنے کے لئے مناسب اور ضروری حکمت عملی اختیار کرنا ہے۔ نیز بھارت کے مسلمانوں کے نجی معاملات میں شرعی احکام سے لیکر موت تک، نکاح سے لیکر طلاق تک اور یہاں تک کہ قرآن وحدیث نیز عبادت گاہوں میں دخل اندازی کی جا رہی ہو۔ علمائے کرام اپنے منہ میں پان کی گلوری دبا کر صرف اپنی قوم کو صبر و استقامت سے کام لینے کی تلقین کرتے ہیں۔ بورڈ اپنی زبان پر تالا لگائے ہوئے ہے اور چھٹانک بھر زبان تک ہلانا گوارہ نہیں سمجھ رہا ہے۔ لاء بورڈ مسلمانان ہند کی غیر حکومتی تنظیم ہے۔ اس کا قیام 1972 میں ہوا تھا۔ بورڈ کے قیام کا اصل اور اہم مقصد ہندوستان میں مسلمانوں کے عائلی قوانین کا تحفظ اور بالخصوص مسلم پرسنل لاء ایکٹ 1937 کو بدستور قابل عمل رہنے کے لئے مناسب اور ضروری حکمت عملی اختیار کرنا ہے۔ نیز بھارت کے مسلمانوں کے نجی معاملات میں شرعی احکام سے لیکر موت تک، نکاح سے لیکر طلاق تک اور یہاں تک کہ قرآن وحدیث نیز عبادت گاہوں میں دخل اندازی کی جا رہی ہو۔ علمائے کرام اپنے منہ میں پان کی گلوری دبا کر صرف اپنی قوم کو صبر و استقامت سے کام لینے کی تلقین کرتے ہیں۔ بورڈ اپنی زبان پر تالا لگائے ہوئے ہے اور چھٹانک بھر زبان تک ہلانا گوارہ نہیں سمجھ رہا ہے۔ لاء بورڈ مسلمانان ہند کی غیر حکومتی تنظیم ہے۔ اس کا قیام 1972 میں ہوا تھا۔ بورڈ کے قیام کا اصل اور اہم مقصد ہندوستان میں مسلمانوں کے عائلی قوانین کا تحفظ اور بالخصوص مسلم پرسنل لاء ایکٹ 1937 کو بدستور قابل عمل رہنے کے لئے مناسب اور ضروری حکمت عملی اختیار کرنا ہے۔ نیز بھارت کے مسلمانوں کے نجی معاملات میں شرعی احکام سے لیکر موت تک، نکاح سے لیکر طلاق تک اور یہاں تک کہ قرآن وحدیث نیز عبادت گاہوں میں دخل اندازی کی جا رہی ہو۔ علمائے کرام اپنے منہ میں پان کی گلوری دبا کر صرف اپنی قوم کو صبر و استقامت سے کام لینے کی تلقین کرتے ہیں۔ بورڈ اپنی زبان پر تالا لگائے ہوئے ہے اور چھٹانک بھر زبان تک ہلانا گوارہ نہیں سمجھ رہا ہے۔ لاء بورڈ مسلمانان ہند کی غیر حکومتی تنظیم ہے۔ اس کا قیام 1972 میں ہوا تھا۔ بورڈ کے قیام کا اصل اور اہم مقصد ہندوستان میں مسلمانوں کے عائلی قوانین کا تحفظ اور بالخصوص مسلم پرسنل لاء ایکٹ 1937 کو بدستور قابل عمل رہنے کے لئے مناسب اور ضروری حکمت عملی اختیار کرنا ہے۔ نیز بھارت کے مسلمانوں کے نجی معاملات میں شرعی احکام سے لیکر موت تک، نکاح سے لیکر طلاق تک اور یہاں تک کہ قرآن وحدیث نیز عبادت گاہوں میں دخل اندازی کی جا رہی ہو۔ علمائے کرام اپنے منہ میں پان کی گلوری دبا کر صرف اپنی قوم کو صبر و استقامت سے کام لینے کی تلقین کرتے ہیں۔ بورڈ اپنی زبان پر تالا لگائے ہوئے ہے اور چھٹانک بھر زبان تک ہلانا گوارہ نہیں سمجھ رہا ہے۔
صدام حسین فیضی:۔۔۔۔۔۔۔دوٹوک
لاء بورڈ مسلمانان ہند کی غیر حکومتی تنظیم ہے۔ اس کا قیام 1972 میں ہوا تھا۔ بورڈ کے قیام کا اصل اور اہم مقصد ہندوستان میں مسلمانوں کے عائلی قوانین کا تحفظ اور بالخصوص مسلم پرسنل لاء ایکٹ 1937 کو بدستور قابل عمل رہنے کے لئے مناسب اور ضروری حکمت عملی اختیار کرنا ہے۔ نیز بھارت کے مسلمانوں کے نجی معاملات میں شرعی احکام سے لیکر موت تک، نکاح سے لیکر طلاق تک اور یہاں تک کہ قرآن وحدیث نیز عبادت گاہوں میں دخل اندازی کی جا رہی ہو۔ علمائے کرام اپنے منہ میں پان کی گلوری دبا کر صرف اپنی قوم کو صبر و استقامت سے کام لینے کی تلقین کرتے ہیں۔ بورڈ اپنی زبان پر تالا لگائے ہوئے ہے اور چھٹانک بھر زبان تک ہلانا گوارہ نہیں سمجھ رہا ہے۔ لاء بورڈ مسلمانان ہند کی غیر حکومتی تنظیم ہے۔ اس کا قیام 1972 میں ہوا تھا۔ بورڈ کے قیام کا اصل اور اہم مقصد ہندوستان میں مسلمانوں کے عائلی قوانین کا تحفظ اور بالخصوص مسلم پرسنل لاء ایکٹ 1937 کو بدستور قابل عمل رہنے کے لئے مناسب اور ضروری حکمت عملی اختیار کرنا ہے۔ نیز بھارت کے مسلمانوں کے نجی معاملات میں شرعی احکام سے لیکر موت تک، نکاح سے لیکر طلاق تک اور یہاں تک کہ قرآن وحدیث نیز عبادت گاہوں میں دخل اندازی کی جا رہی ہو۔ علمائے کرام اپنے منہ میں پان کی گلوری دبا کر صرف اپنی قوم کو صبر و استقامت سے کام لینے کی تلقین کرتے ہیں۔ بورڈ اپنی زبان پر تالا لگائے ہوئے ہے اور چھٹانک بھر زبان تک ہلانا گوارہ نہیں سمجھ رہا ہے۔
